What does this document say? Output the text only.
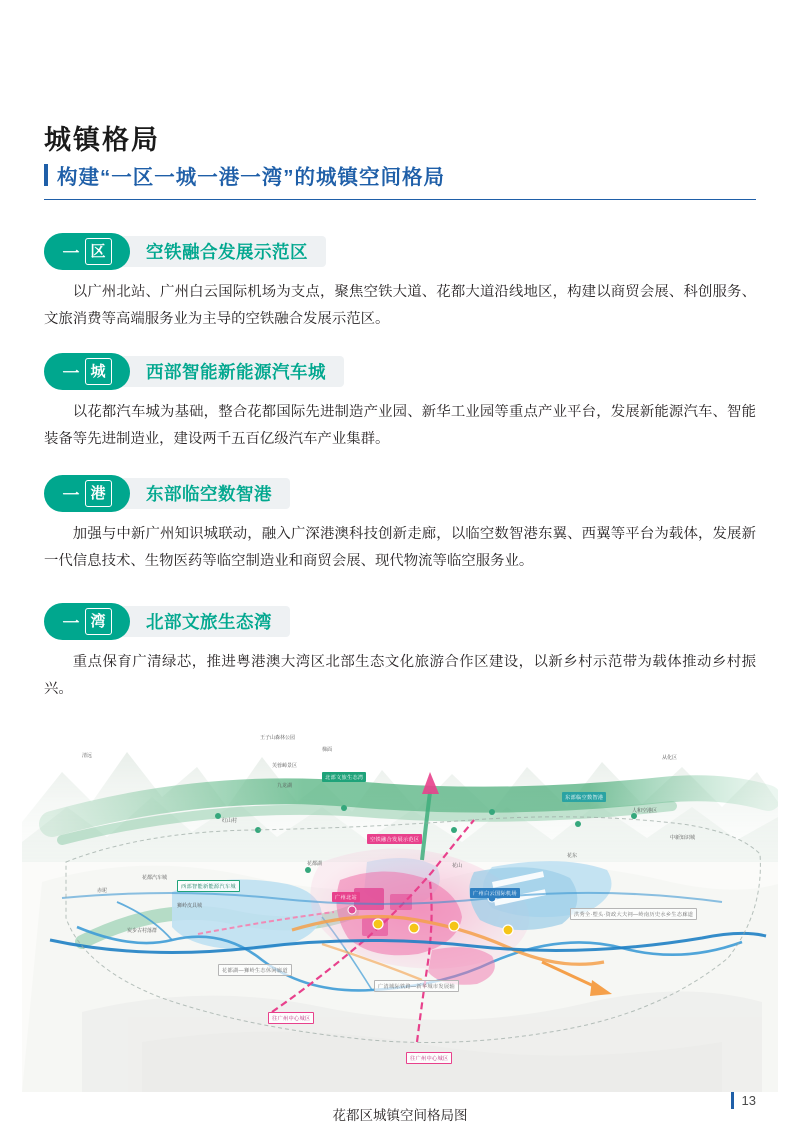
城镇格局
构建“一区一城一港一湾”的城镇空间格局
一 区	空铁融合发展示范区

以广州北站、广州白云国际机场为支点，聚焦空铁大道、花都大道沿线地区，构建以商贸会展、科创服务、文旅消费等高端服务业为主导的空铁融合发展示范区。

一 城	西部智能新能源汽车城

以花都汽车城为基础，整合花都国际先进制造产业园、新华工业园等重点产业平台，发展新能源汽车、智能装备等先进制造业，建设两千五百亿级汽车产业集群。

一 港	东部临空数智港

加强与中新广州知识城联动，融入广深港澳科技创新走廊，以临空数智港东翼、西翼等平台为载体，发展新一代信息技术、生物医药等临空制造业和商贸会展、现代物流等临空服务业。

一 湾	北部文旅生态湾

重点保育广清绿芯，推进粤港澳大湾区北部生态文化旅游合作区建设，以新乡村示范带为载体推动乡村振兴。

北部文旅生态湾
东部临空数智港
空铁融合发展示范区
西部智能新能源汽车城
广州北站
广州白云国际机场
洪秀全·塱头·资政大夫祠—岭南历史水乡生态廊道
花都湖—狮岭生态休闲廊道
广清城际铁路—新华城市发展轴
往广州中心城区
往广州中心城区
王子山森林公园
芙蓉嶂景区
九龙湖
红山村
花都湖
狮岭皮具城
花都汽车城
炭步古村落群
赤坭
梯面
花山
花东
人和空港区
中新知识城
从化区
清远
花都区城镇空间格局图
13
